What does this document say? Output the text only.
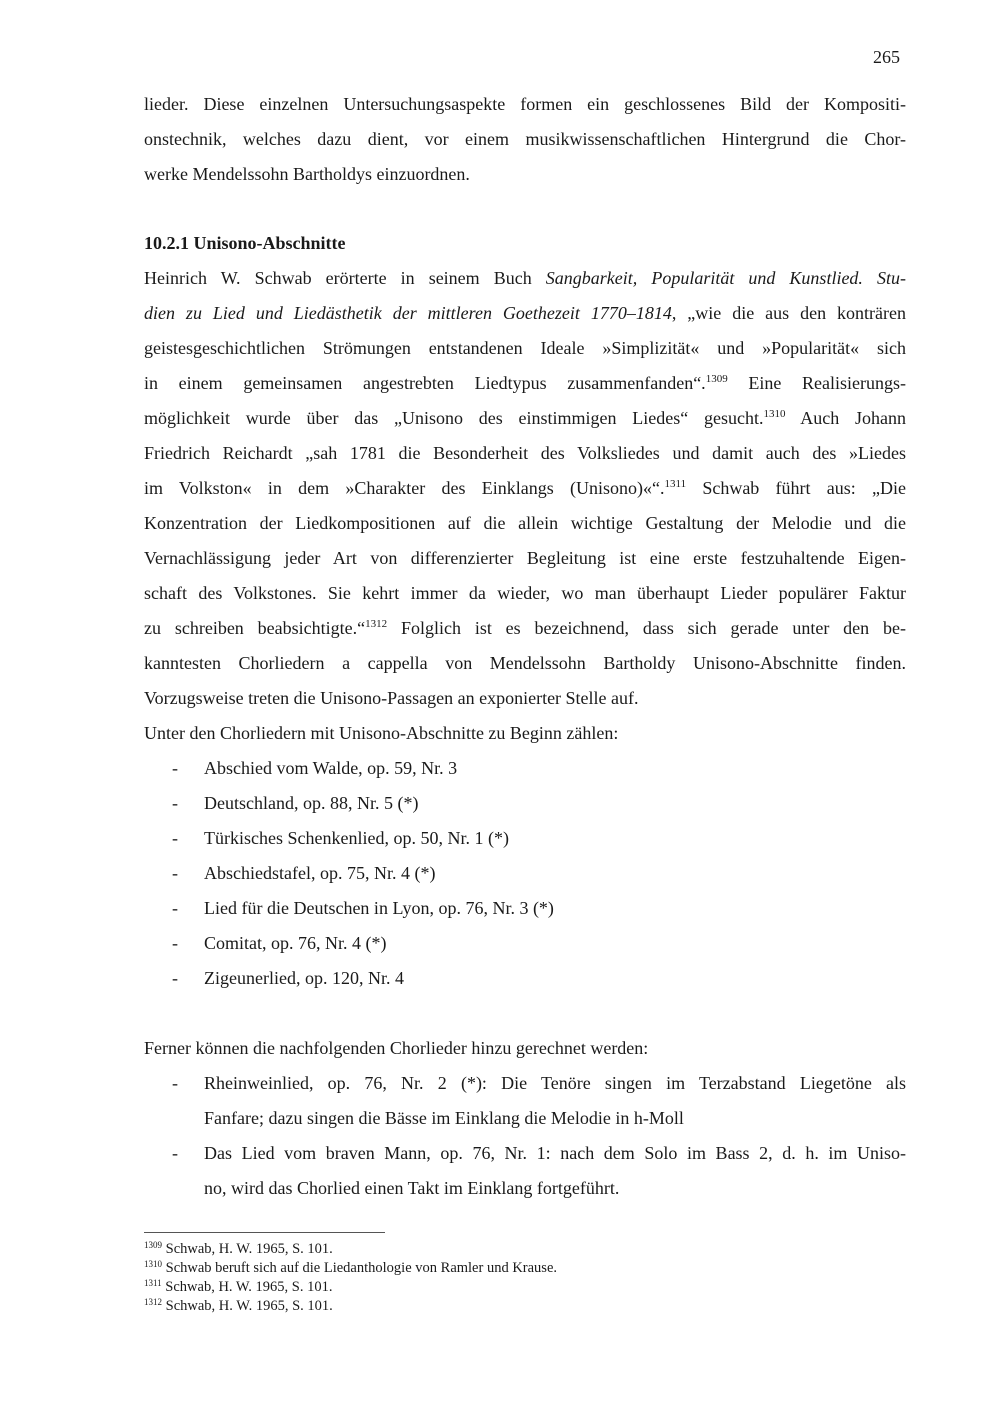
265
lieder. Diese einzelnen Untersuchungsaspekte formen ein geschlossenes Bild der Kompositi-
onstechnik, welches dazu dient, vor einem musikwissenschaftlichen Hintergrund die Chor-
werke Mendelssohn Bartholdys einzuordnen.
10.2.1 Unisono-Abschnitte
Heinrich W. Schwab erörterte in seinem Buch Sangbarkeit, Popularität und Kunstlied. Stu-
dien zu Lied und Liedästhetik der mittleren Goethezeit 1770–1814, „wie die aus den konträren
geistesgeschichtlichen Strömungen entstandenen Ideale »Simplizität« und »Popularität« sich
in einem gemeinsamen angestrebten Liedtypus zusammenfanden“.$^{1309}$ Eine Realisierungs-
möglichkeit wurde über das „Unisono des einstimmigen Liedes“ gesucht.$^{1310}$ Auch Johann
Friedrich Reichardt „sah 1781 die Besonderheit des Volksliedes und damit auch des »Liedes
im Volkston« in dem »Charakter des Einklangs (Unisono)«“.$^{1311}$ Schwab führt aus: „Die
Konzentration der Liedkompositionen auf die allein wichtige Gestaltung der Melodie und die
Vernachlässigung jeder Art von differenzierter Begleitung ist eine erste festzuhaltende Eigen-
schaft des Volkstones. Sie kehrt immer da wieder, wo man überhaupt Lieder populärer Faktur
zu schreiben beabsichtigte.“$^{1312}$ Folglich ist es bezeichnend, dass sich gerade unter den be-
kanntesten Chorliedern a cappella von Mendelssohn Bartholdy Unisono-Abschnitte finden.
Vorzugsweise treten die Unisono-Passagen an exponierter Stelle auf.
Unter den Chorliedern mit Unisono-Abschnitte zu Beginn zählen:
- Abschied vom Walde, op. 59, Nr. 3
- Deutschland, op. 88, Nr. 5 (*)
- Türkisches Schenkenlied, op. 50, Nr. 1 (*)
- Abschiedstafel, op. 75, Nr. 4 (*)
- Lied für die Deutschen in Lyon, op. 76, Nr. 3 (*)
- Comitat, op. 76, Nr. 4 (*)
- Zigeunerlied, op. 120, Nr. 4
Ferner können die nachfolgenden Chorlieder hinzu gerechnet werden:
- Rheinweinlied, op. 76, Nr. 2 (*): Die Tenöre singen im Terzabstand Liegetöne als
Fanfare; dazu singen die Bässe im Einklang die Melodie in h-Moll
- Das Lied vom braven Mann, op. 76, Nr. 1: nach dem Solo im Bass 2, d. h. im Uniso-
no, wird das Chorlied einen Takt im Einklang fortgeführt.
$^{1309}$ Schwab, H. W. 1965, S. 101.
$^{1310}$ Schwab beruft sich auf die Liedanthologie von Ramler und Krause.
$^{1311}$ Schwab, H. W. 1965, S. 101.
$^{1312}$ Schwab, H. W. 1965, S. 101.
